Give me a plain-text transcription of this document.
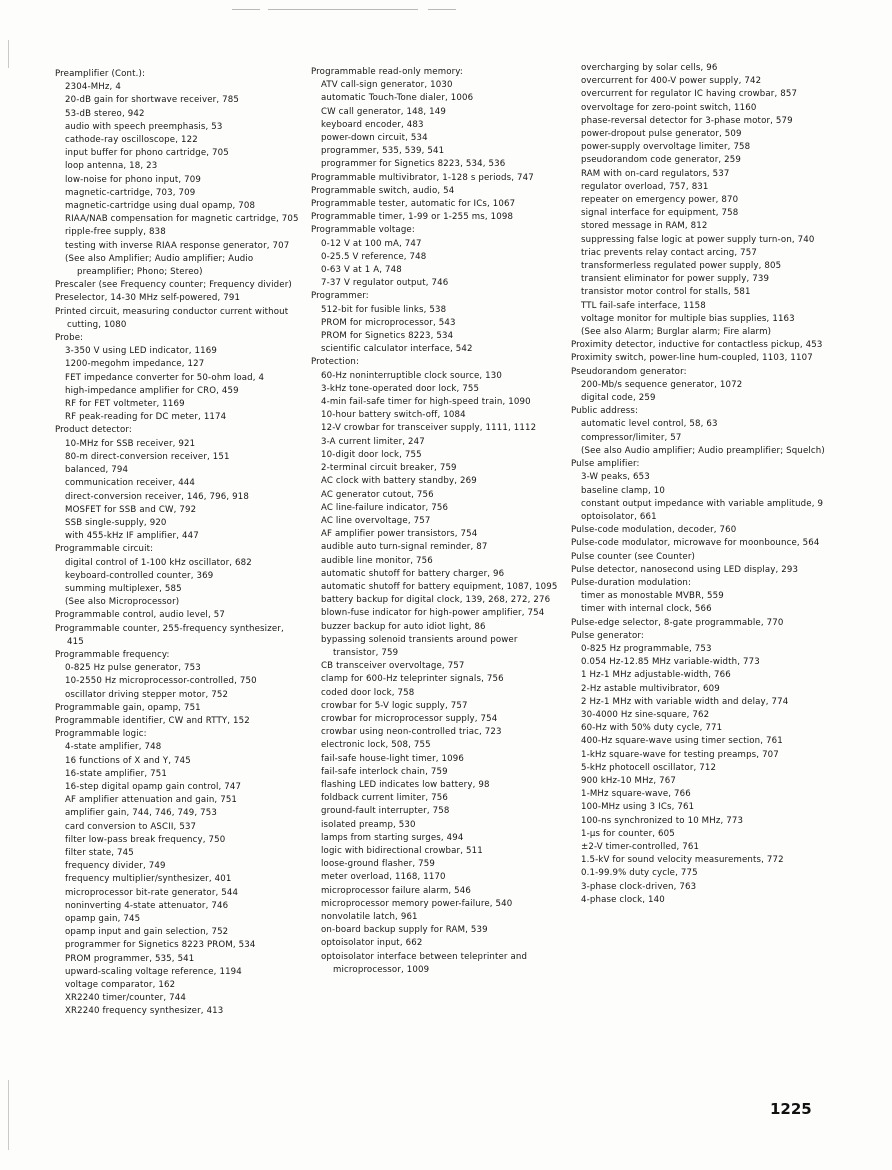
Preamplifier (Cont.):

2304-MHz, 4

20-dB gain for shortwave receiver, 785

53-dB stereo, 942

audio with speech preemphasis, 53

cathode-ray oscilloscope, 122

input buffer for phono cartridge, 705

loop antenna, 18, 23

low-noise for phono input, 709

magnetic-cartridge, 703, 709

magnetic-cartridge using dual opamp, 708

RIAA/NAB compensation for magnetic cartridge, 705

ripple-free supply, 838

testing with inverse RIAA response generator, 707

(See also Amplifier; Audio amplifier; Audio preamplifier; Phono; Stereo)

Prescaler (see Frequency counter; Frequency divider)

Preselector, 14-30 MHz self-powered, 791

Printed circuit, measuring conductor current without cutting, 1080

Probe:

3-350 V using LED indicator, 1169

1200-megohm impedance, 127

FET impedance converter for 50-ohm load, 4

high-impedance amplifier for CRO, 459

RF for FET voltmeter, 1169

RF peak-reading for DC meter, 1174

Product detector:

10-MHz for SSB receiver, 921

80-m direct-conversion receiver, 151

balanced, 794

communication receiver, 444

direct-conversion receiver, 146, 796, 918

MOSFET for SSB and CW, 792

SSB single-supply, 920

with 455-kHz IF amplifier, 447

Programmable circuit:

digital control of 1-100 kHz oscillator, 682

keyboard-controlled counter, 369

summing multiplexer, 585

(See also Microprocessor)

Programmable control, audio level, 57

Programmable counter, 255-frequency synthesizer, 415

Programmable frequency:

0-825 Hz pulse generator, 753

10-2550 Hz microprocessor-controlled, 750

oscillator driving stepper motor, 752

Programmable gain, opamp, 751

Programmable identifier, CW and RTTY, 152

Programmable logic:

4-state amplifier, 748

16 functions of X and Y, 745

16-state amplifier, 751

16-step digital opamp gain control, 747

AF amplifier attenuation and gain, 751

amplifier gain, 744, 746, 749, 753

card conversion to ASCII, 537

filter low-pass break frequency, 750

filter state, 745

frequency divider, 749

frequency multiplier/synthesizer, 401

microprocessor bit-rate generator, 544

noninverting 4-state attenuator, 746

opamp gain, 745

opamp input and gain selection, 752

programmer for Signetics 8223 PROM, 534

PROM programmer, 535, 541

upward-scaling voltage reference, 1194

voltage comparator, 162

XR2240 timer/counter, 744

XR2240 frequency synthesizer, 413

Programmable read-only memory:

ATV call-sign generator, 1030

automatic Touch-Tone dialer, 1006

CW call generator, 148, 149

keyboard encoder, 483

power-down circuit, 534

programmer, 535, 539, 541

programmer for Signetics 8223, 534, 536

Programmable multivibrator, 1-128 s periods, 747

Programmable switch, audio, 54

Programmable tester, automatic for ICs, 1067

Programmable timer, 1-99 or 1-255 ms, 1098

Programmable voltage:

0-12 V at 100 mA, 747

0-25.5 V reference, 748

0-63 V at 1 A, 748

7-37 V regulator output, 746

Programmer:

512-bit for fusible links, 538

PROM for microprocessor, 543

PROM for Signetics 8223, 534

scientific calculator interface, 542

Protection:

60-Hz noninterruptible clock source, 130

3-kHz tone-operated door lock, 755

4-min fail-safe timer for high-speed train, 1090

10-hour battery switch-off, 1084

12-V crowbar for transceiver supply, 1111, 1112

3-A current limiter, 247

10-digit door lock, 755

2-terminal circuit breaker, 759

AC clock with battery standby, 269

AC generator cutout, 756

AC line-failure indicator, 756

AC line overvoltage, 757

AF amplifier power transistors, 754

audible auto turn-signal reminder, 87

audible line monitor, 756

automatic shutoff for battery charger, 96

automatic shutoff for battery equipment, 1087, 1095

battery backup for digital clock, 139, 268, 272, 276

blown-fuse indicator for high-power amplifier, 754

buzzer backup for auto idiot light, 86

bypassing solenoid transients around power transistor, 759

CB transceiver overvoltage, 757

clamp for 600-Hz teleprinter signals, 756

coded door lock, 758

crowbar for 5-V logic supply, 757

crowbar for microprocessor supply, 754

crowbar using neon-controlled triac, 723

electronic lock, 508, 755

fail-safe house-light timer, 1096

fail-safe interlock chain, 759

flashing LED indicates low battery, 98

foldback current limiter, 756

ground-fault interrupter, 758

isolated preamp, 530

lamps from starting surges, 494

logic with bidirectional crowbar, 511

loose-ground flasher, 759

meter overload, 1168, 1170

microprocessor failure alarm, 546

microprocessor memory power-failure, 540

nonvolatile latch, 961

on-board backup supply for RAM, 539

optoisolator input, 662

optoisolator interface between teleprinter and microprocessor, 1009

overcharging by solar cells, 96

overcurrent for 400-V power supply, 742

overcurrent for regulator IC having crowbar, 857

overvoltage for zero-point switch, 1160

phase-reversal detector for 3-phase motor, 579

power-dropout pulse generator, 509

power-supply overvoltage limiter, 758

pseudorandom code generator, 259

RAM with on-card regulators, 537

regulator overload, 757, 831

repeater on emergency power, 870

signal interface for equipment, 758

stored message in RAM, 812

suppressing false logic at power supply turn-on, 740

triac prevents relay contact arcing, 757

transformerless regulated power supply, 805

transient eliminator for power supply, 739

transistor motor control for stalls, 581

TTL fail-safe interface, 1158

voltage monitor for multiple bias supplies, 1163

(See also Alarm; Burglar alarm; Fire alarm)

Proximity detector, inductive for contactless pickup, 453

Proximity switch, power-line hum-coupled, 1103, 1107

Pseudorandom generator:

200-Mb/s sequence generator, 1072

digital code, 259

Public address:

automatic level control, 58, 63

compressor/limiter, 57

(See also Audio amplifier; Audio preamplifier; Squelch)

Pulse amplifier:

3-W peaks, 653

baseline clamp, 10

constant output impedance with variable amplitude, 9

optoisolator, 661

Pulse-code modulation, decoder, 760

Pulse-code modulator, microwave for moonbounce, 564

Pulse counter (see Counter)

Pulse detector, nanosecond using LED display, 293

Pulse-duration modulation:

timer as monostable MVBR, 559

timer with internal clock, 566

Pulse-edge selector, 8-gate programmable, 770

Pulse generator:

0-825 Hz programmable, 753

0.054 Hz-12.85 MHz variable-width, 773

1 Hz-1 MHz adjustable-width, 766

2-Hz astable multivibrator, 609

2 Hz-1 MHz with variable width and delay, 774

30-4000 Hz sine-square, 762

60-Hz with 50% duty cycle, 771

400-Hz square-wave using timer section, 761

1-kHz square-wave for testing preamps, 707

5-kHz photocell oscillator, 712

900 kHz-10 MHz, 767

1-MHz square-wave, 766

100-MHz using 3 ICs, 761

100-ns synchronized to 10 MHz, 773

1-μs for counter, 605

±2-V timer-controlled, 761

1.5-kV for sound velocity measurements, 772

0.1-99.9% duty cycle, 775

3-phase clock-driven, 763

4-phase clock, 140

1225
